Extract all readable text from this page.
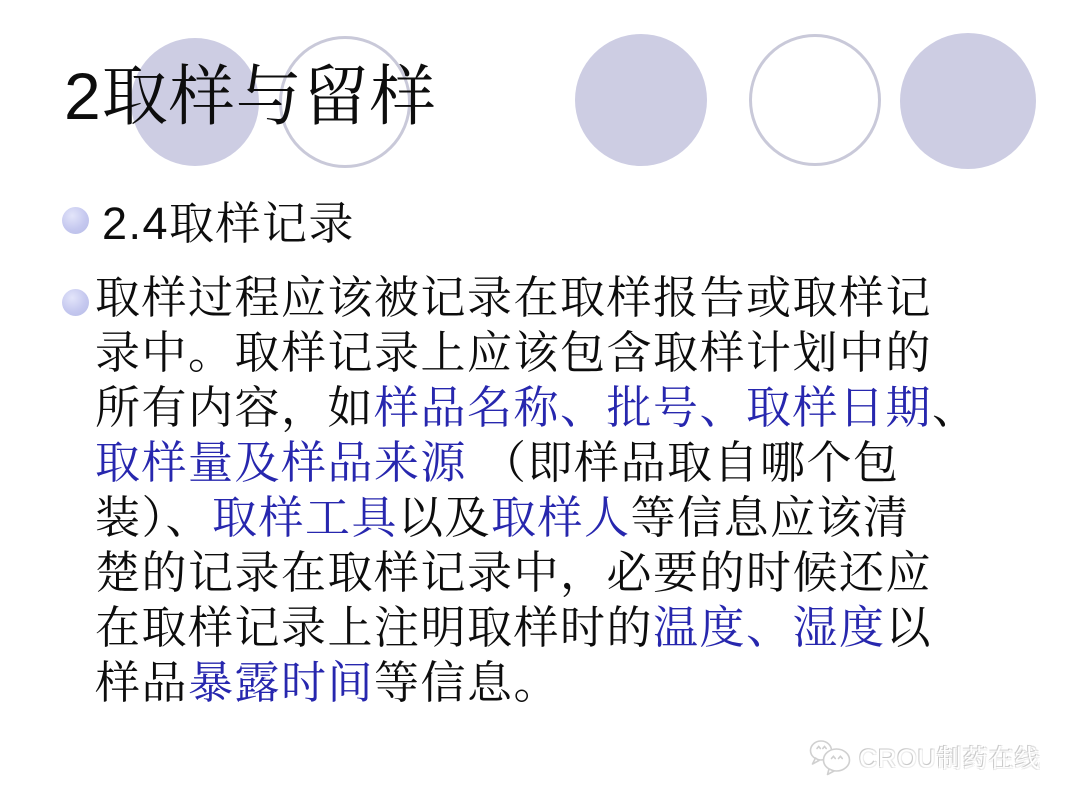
2取样与留样
2.4取样记录
取样过程应该被记录在取样报告或取样记
录中。取样记录上应该包含取样计划中的
所有内容，如样品名称、批号、取样日期、
取样量及样品来源 （即样品取自哪个包
装）、取样工具以及取样人等信息应该清
楚的记录在取样记录中，必要的时候还应
在取样记录上注明取样时的温度、湿度以
样品暴露时间等信息。
CROU制药在线
